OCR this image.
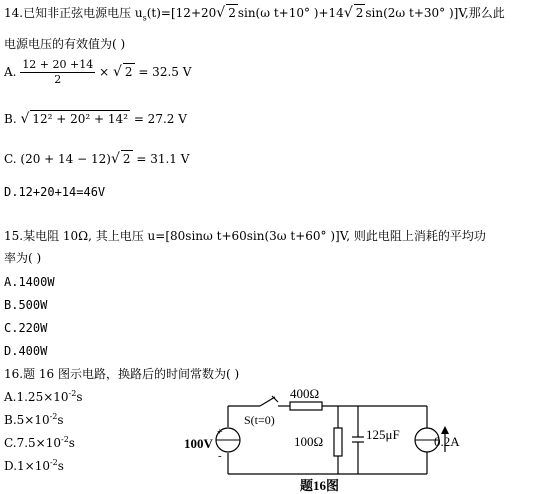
14.已知非正弦电源电压 $u_s(t)=[12+20√$ 2 sin(ω t+10° )+14√ 2 sin(2ω t+30° )]V,那么此
电源电压的有效值为( )
A. $\frac{12 + 20 +14}{2}$ × √ 2 = 32.5 V
B. √ 12² + 20² + 14² = 27.2 V
C. (20 + 14 − 12)√ 2 = 31.1 V
D.12+20+14=46V
15.某电阻 10Ω, 其上电压 u=[80sinω t+60sin(3ω t+60° )]V, 则此电阻上消耗的平均功
率为( )
A.1400W
B.500W
C.220W
D.400W
16.题 16 图示电路，换路后的时间常数为( )
$A.1.25\times 10^{-2}s$
$B.5\times 10^{-2}s$
$C.7.5\times 10^{-2}s$
$D.1\times 10^{-2}s$
400Ω
S(t=0)
100V
+
-
100Ω	125μF	0.2A
题16图
